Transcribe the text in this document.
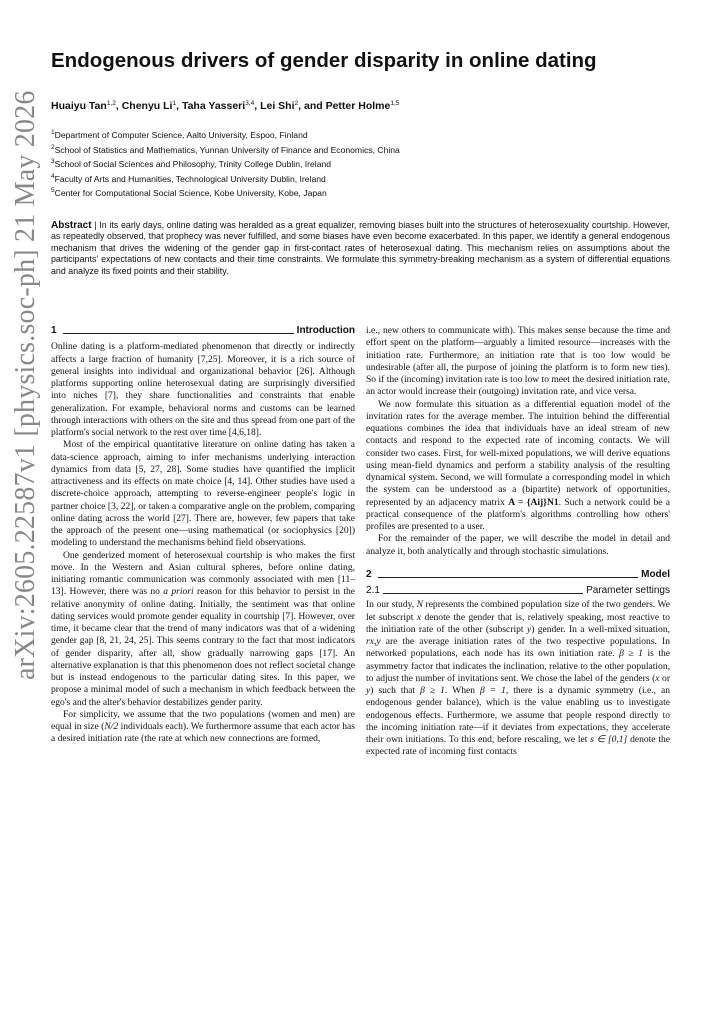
arXiv:2605.22587v1 [physics.soc-ph] 21 May 2026
Endogenous drivers of gender disparity in online dating
Huaiyu Tan$^{1,2}$, Chenyu Li$^1$, Taha Yasseri$^{3,4}$, Lei Shi$^2$, and Petter Holme$^{1,5}$
$^1$Department of Computer Science, Aalto University, Espoo, Finland
$^2$School of Statistics and Mathematics, Yunnan University of Finance and Economics, China
$^3$School of Social Sciences and Philosophy, Trinity College Dublin, Ireland
$^4$Faculty of Arts and Humanities, Technological University Dublin, Ireland
$^5$Center for Computational Social Science, Kobe University, Kobe, Japan
Abstract | In its early days, online dating was heralded as a great equalizer, removing biases built into the structures of heterosexuality courtship. However, as repeatedly observed, that prophecy was never fulfilled, and some biases have even become exacerbated. In this paper, we identify a general endogenous mechanism that drives the widening of the gender gap in first-contact rates of heterosexual dating. This mechanism relies on assumptions about the participants' expectations of new contacts and their time constraints. We formulate this symmetry-breaking mechanism as a system of differential equations and analyze its fixed points and their stability.
1	Introduction

Online dating is a platform-mediated phenomenon that directly or indirectly affects a large fraction of humanity [7,25]. Moreover, it is a rich source of general insights into individual and organizational behavior [26]. Although platforms supporting online heterosexual dating are surprisingly diversified into niches [7], they share functionalities and constraints that enable generalization. For example, behavioral norms and customs can be learned through interactions with others on the site and thus spread from one part of the platform's social network to the rest over time [4,6,18].

Most of the empirical quantitative literature on online dating has taken a data-science approach, aiming to infer mechanisms underlying interaction dynamics from data [5, 27, 28]. Some studies have quantified the implicit attractiveness and its effects on mate choice [4, 14]. Other studies have used a discrete-choice approach, attempting to reverse-engineer people's logic in partner choice [3, 22], or taken a comparative angle on the problem, comparing online dating across the world [27]. There are, however, few papers that take the approach of the present one—using mathematical (or sociophysics [20]) modeling to understand the mechanisms behind field observations.

One genderized moment of heterosexual courtship is who makes the first move. In the Western and Asian cultural spheres, before online dating, initiating romantic communication was commonly associated with men [11–13]. However, there was no a priori reason for this behavior to persist in the relative anonymity of online dating. Initially, the sentiment was that online dating services would promote gender equality in courtship [7]. However, over time, it became clear that the trend of many indicators was that of a widening gender gap [8, 21, 24, 25]. This seems contrary to the fact that most indicators of gender disparity, after all, show gradually narrowing gaps [17]. An alternative explanation is that this phenomenon does not reflect societal change but is instead endogenous to the particular dating sites. In this paper, we propose a minimal model of such a mechanism in which feedback between the ego's and the alter's behavior destabilizes gender parity.

For simplicity, we assume that the two populations (women and men) are equal in size (N/2 individuals each). We furthermore assume that each actor has a desired initiation rate (the rate at which new connections are formed,

i.e., new others to communicate with). This makes sense because the time and effort spent on the platform—arguably a limited resource—increases with the initiation rate. Furthermore, an initiation rate that is too low would be undesirable (after all, the purpose of joining the platform is to form new ties). So if the (incoming) invitation rate is too low to meet the desired initiation rate, an actor would increase their (outgoing) invitation rate, and vice versa.

We now formulate this situation as a differential equation model of the invitation rates for the average member. The intuition behind the differential equations combines the idea that individuals have an ideal stream of new contacts and respond to the expected rate of incoming contacts. We will consider two cases. First, for well-mixed populations, we will derive equations using mean-field dynamics and perform a stability analysis of the resulting dynamical system. Second, we will formulate a corresponding model in which the system can be understood as a (bipartite) network of opportunities, represented by an adjacency matrix A = {Aij}N1. Such a network could be a practical consequence of the platform's algorithms controlling how others' profiles are presented to a user.

For the remainder of the paper, we will describe the model in detail and analyze it, both analytically and through stochastic simulations.

2	Model
2.1	Parameter settings

In our study, N represents the combined population size of the two genders. We let subscript x denote the gender that is, relatively speaking, most reactive to the initiation rate of the other (subscript y) gender. In a well-mixed situation, rx,y are the average initiation rates of the two respective populations. In networked populations, each node has its own initiation rate. β ≥ 1 is the asymmetry factor that indicates the inclination, relative to the other population, to adjust the number of invitations sent. We chose the label of the genders (x or y) such that β ≥ 1. When β = 1, there is a dynamic symmetry (i.e., an endogenous gender balance), which is the value enabling us to investigate endogenous effects. Furthermore, we assume that people respond directly to the incoming initiation rate—if it deviates from expectations, they accelerate their own initiations. To this end, before rescaling, we let s ∈ [0,1] denote the expected rate of incoming first contacts
